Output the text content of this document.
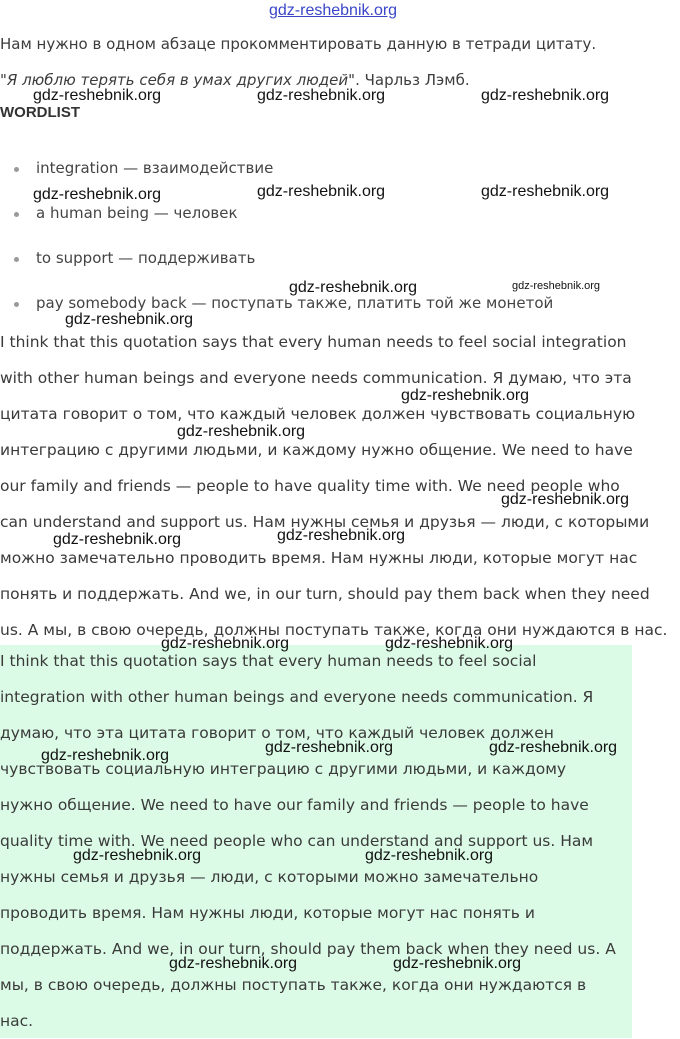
gdz-reshebnik.org
Нам нужно в одном абзаце прокомментировать данную в тетради цитату.
"Я люблю терять себя в умах других людей". Чарльз Лэмб.
WORDLIST
integration — взаимодействие
a human being — человек
to support — поддерживать
pay somebody back — поступать также, платить той же монетой
I think that this quotation says that every human needs to feel social integration
with other human beings and everyone needs communication. Я думаю, что эта
цитата говорит о том, что каждый человек должен чувствовать социальную
интеграцию с другими людьми, и каждому нужно общение. We need to have
our family and friends — people to have quality time with. We need people who
can understand and support us. Нам нужны семья и друзья — люди, с которыми
можно замечательно проводить время. Нам нужны люди, которые могут нас
понять и поддержать. And we, in our turn, should pay them back when they need
us. А мы, в свою очередь, должны поступать также, когда они нуждаются в нас.
I think that this quotation says that every human needs to feel social
integration with other human beings and everyone needs communication. Я
думаю, что эта цитата говорит о том, что каждый человек должен
чувствовать социальную интеграцию с другими людьми, и каждому
нужно общение. We need to have our family and friends — people to have
quality time with. We need people who can understand and support us. Нам
нужны семья и друзья — люди, с которыми можно замечательно
проводить время. Нам нужны люди, которые могут нас понять и
поддержать. And we, in our turn, should pay them back when they need us. А
мы, в свою очередь, должны поступать также, когда они нуждаются в
нас.
gdz-reshebnik.org	gdz-reshebnik.org	gdz-reshebnik.org
gdz-reshebnik.org	gdz-reshebnik.org	gdz-reshebnik.org
gdz-reshebnik.org	gdz-reshebnik.org
gdz-reshebnik.org
gdz-reshebnik.org
gdz-reshebnik.org
gdz-reshebnik.org
gdz-reshebnik.org
gdz-reshebnik.org
gdz-reshebnik.org	gdz-reshebnik.org
gdz-reshebnik.org	gdz-reshebnik.org	gdz-reshebnik.org
gdz-reshebnik.org	gdz-reshebnik.org
gdz-reshebnik.org	gdz-reshebnik.org
